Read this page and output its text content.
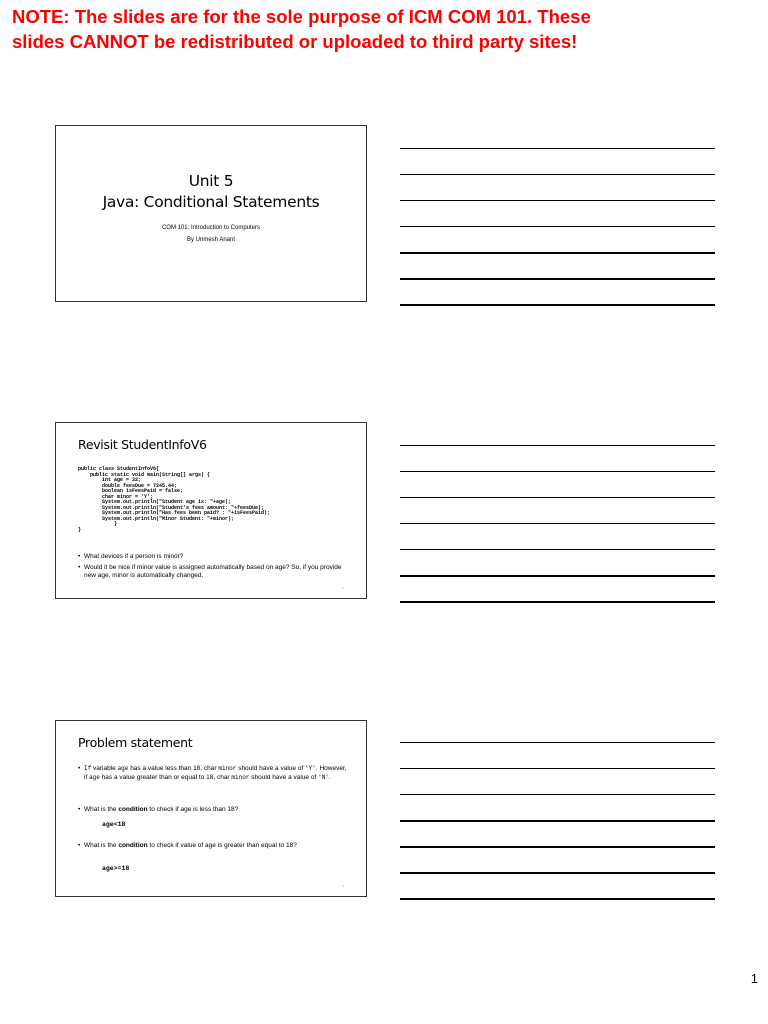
NOTE: The slides are for the sole purpose of ICM COM 101. These
slides CANNOT be redistributed or uploaded to third party sites!
Unit 5
Java: Conditional Statements
COM 101: Introduction to Computers
By Unmesh Anant
Revisit StudentInfoV6
public class StudentInfoV6{
public static void main(String[] args) {
int age = 32;
double feesDue = 7245.44;
boolean isFeesPaid = false;
char minor = 'Y';
System.out.println("Student age is: "+age);
System.out.println("Student's fees amount: "+feesDue);
System.out.println("Has fees been paid? : "+isFeesPaid);
System.out.println("Minor Student: "+minor);
}
}
• What devices if a person is minor?
• Would it be nice if minor value is assigned automatically based on age? So, if you provide new age, minor is automatically changed.
2
Problem statement
• If variable age has a value less than 18, char minor should have a value of 'Y'. However, if age has a value greater than or equal to 18, char minor should have a value of 'N'.
• What is the condition to check if age is less than 18?
age<18
• What is the condition to check if value of age is greater than equal to 18?
age>=18
3
1
